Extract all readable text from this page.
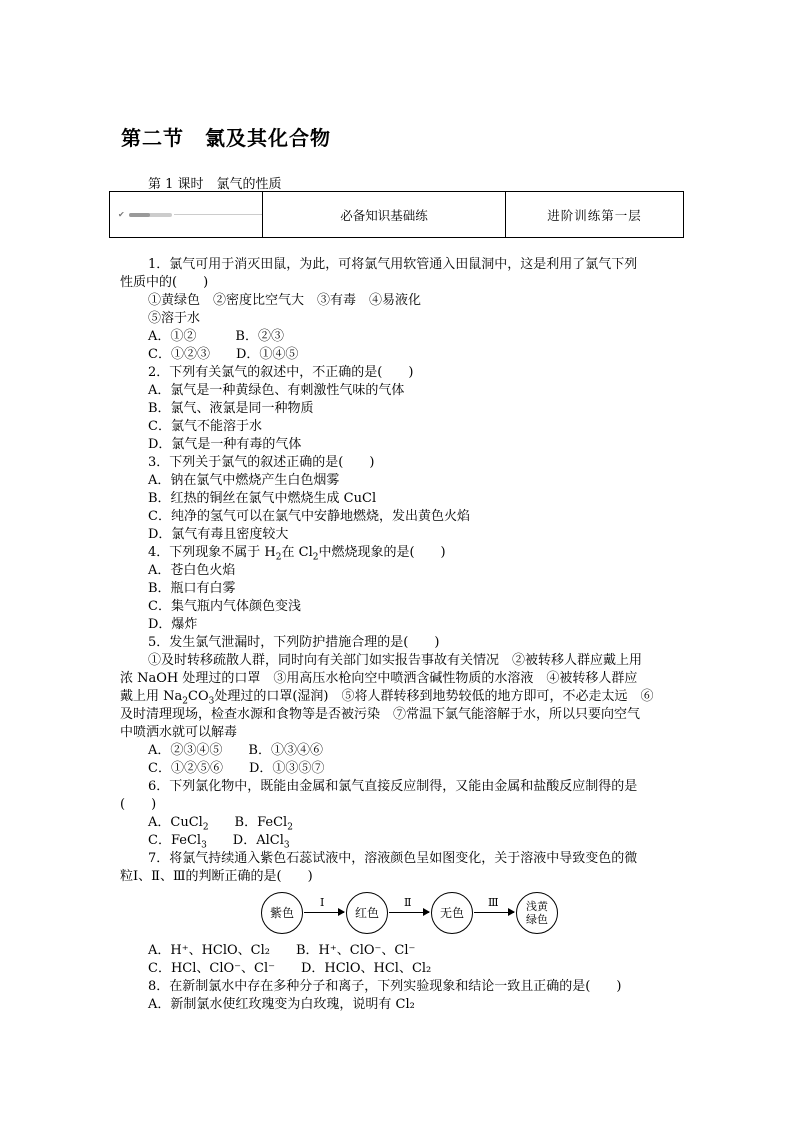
第二节　氯及其化合物
第 1 课时　氯气的性质
✔	必备知识基础练	进阶训练第一层
1．氯气可用于消灭田鼠，为此，可将氯气用软管通入田鼠洞中，这是利用了氯气下列
性质中的(　　)
①黄绿色　②密度比空气大　③有毒　④易液化
⑤溶于水
A．①②　　　B．②③
C．①②③　　D．①④⑤
2．下列有关氯气的叙述中，不正确的是(　　)
A．氯气是一种黄绿色、有刺激性气味的气体
B．氯气、液氯是同一种物质
C．氯气不能溶于水
D．氯气是一种有毒的气体
3．下列关于氯气的叙述正确的是(　　)
A．钠在氯气中燃烧产生白色烟雾
B．红热的铜丝在氯气中燃烧生成 CuCl
C．纯净的氢气可以在氯气中安静地燃烧，发出黄色火焰
D．氯气有毒且密度较大
4．下列现象不属于 $H_2$在 $Cl_2$中燃烧现象的是(　　)
A．苍白色火焰
B．瓶口有白雾
C．集气瓶内气体颜色变浅
D．爆炸
5．发生氯气泄漏时，下列防护措施合理的是(　　)
①及时转移疏散人群，同时向有关部门如实报告事故有关情况　②被转移人群应戴上用
浓 NaOH 处理过的口罩　③用高压水枪向空中喷洒含碱性物质的水溶液　④被转移人群应
戴上用 $Na_2CO_3$处理过的口罩(湿润)　⑤将人群转移到地势较低的地方即可，不必走太远　⑥
及时清理现场，检查水源和食物等是否被污染　⑦常温下氯气能溶解于水，所以只要向空气
中喷洒水就可以解毒
A．②③④⑤　　B．①③④⑥
C．①②⑤⑥　　D．①③⑤⑦
6．下列氯化物中，既能由金属和氯气直接反应制得，又能由金属和盐酸反应制得的是
(　　)
A．CuCl$_2$　　B．FeCl$_2$
C．FeCl$_3$　　D．AlCl$_3$
7．将氯气持续通入紫色石蕊试液中，溶液颜色呈如图变化，关于溶液中导致变色的微
粒Ⅰ、Ⅱ、Ⅲ的判断正确的是(　　)
紫色
Ⅰ
红色
Ⅱ
无色
Ⅲ	浅黄绿色
A．H⁺、HClO、Cl₂　　B．H⁺、ClO⁻、Cl⁻
C．HCl、ClO⁻、Cl⁻　　D．HClO、HCl、Cl₂
8．在新制氯水中存在多种分子和离子，下列实验现象和结论一致且正确的是(　　)
A．新制氯水使红玫瑰变为白玫瑰，说明有 Cl₂
